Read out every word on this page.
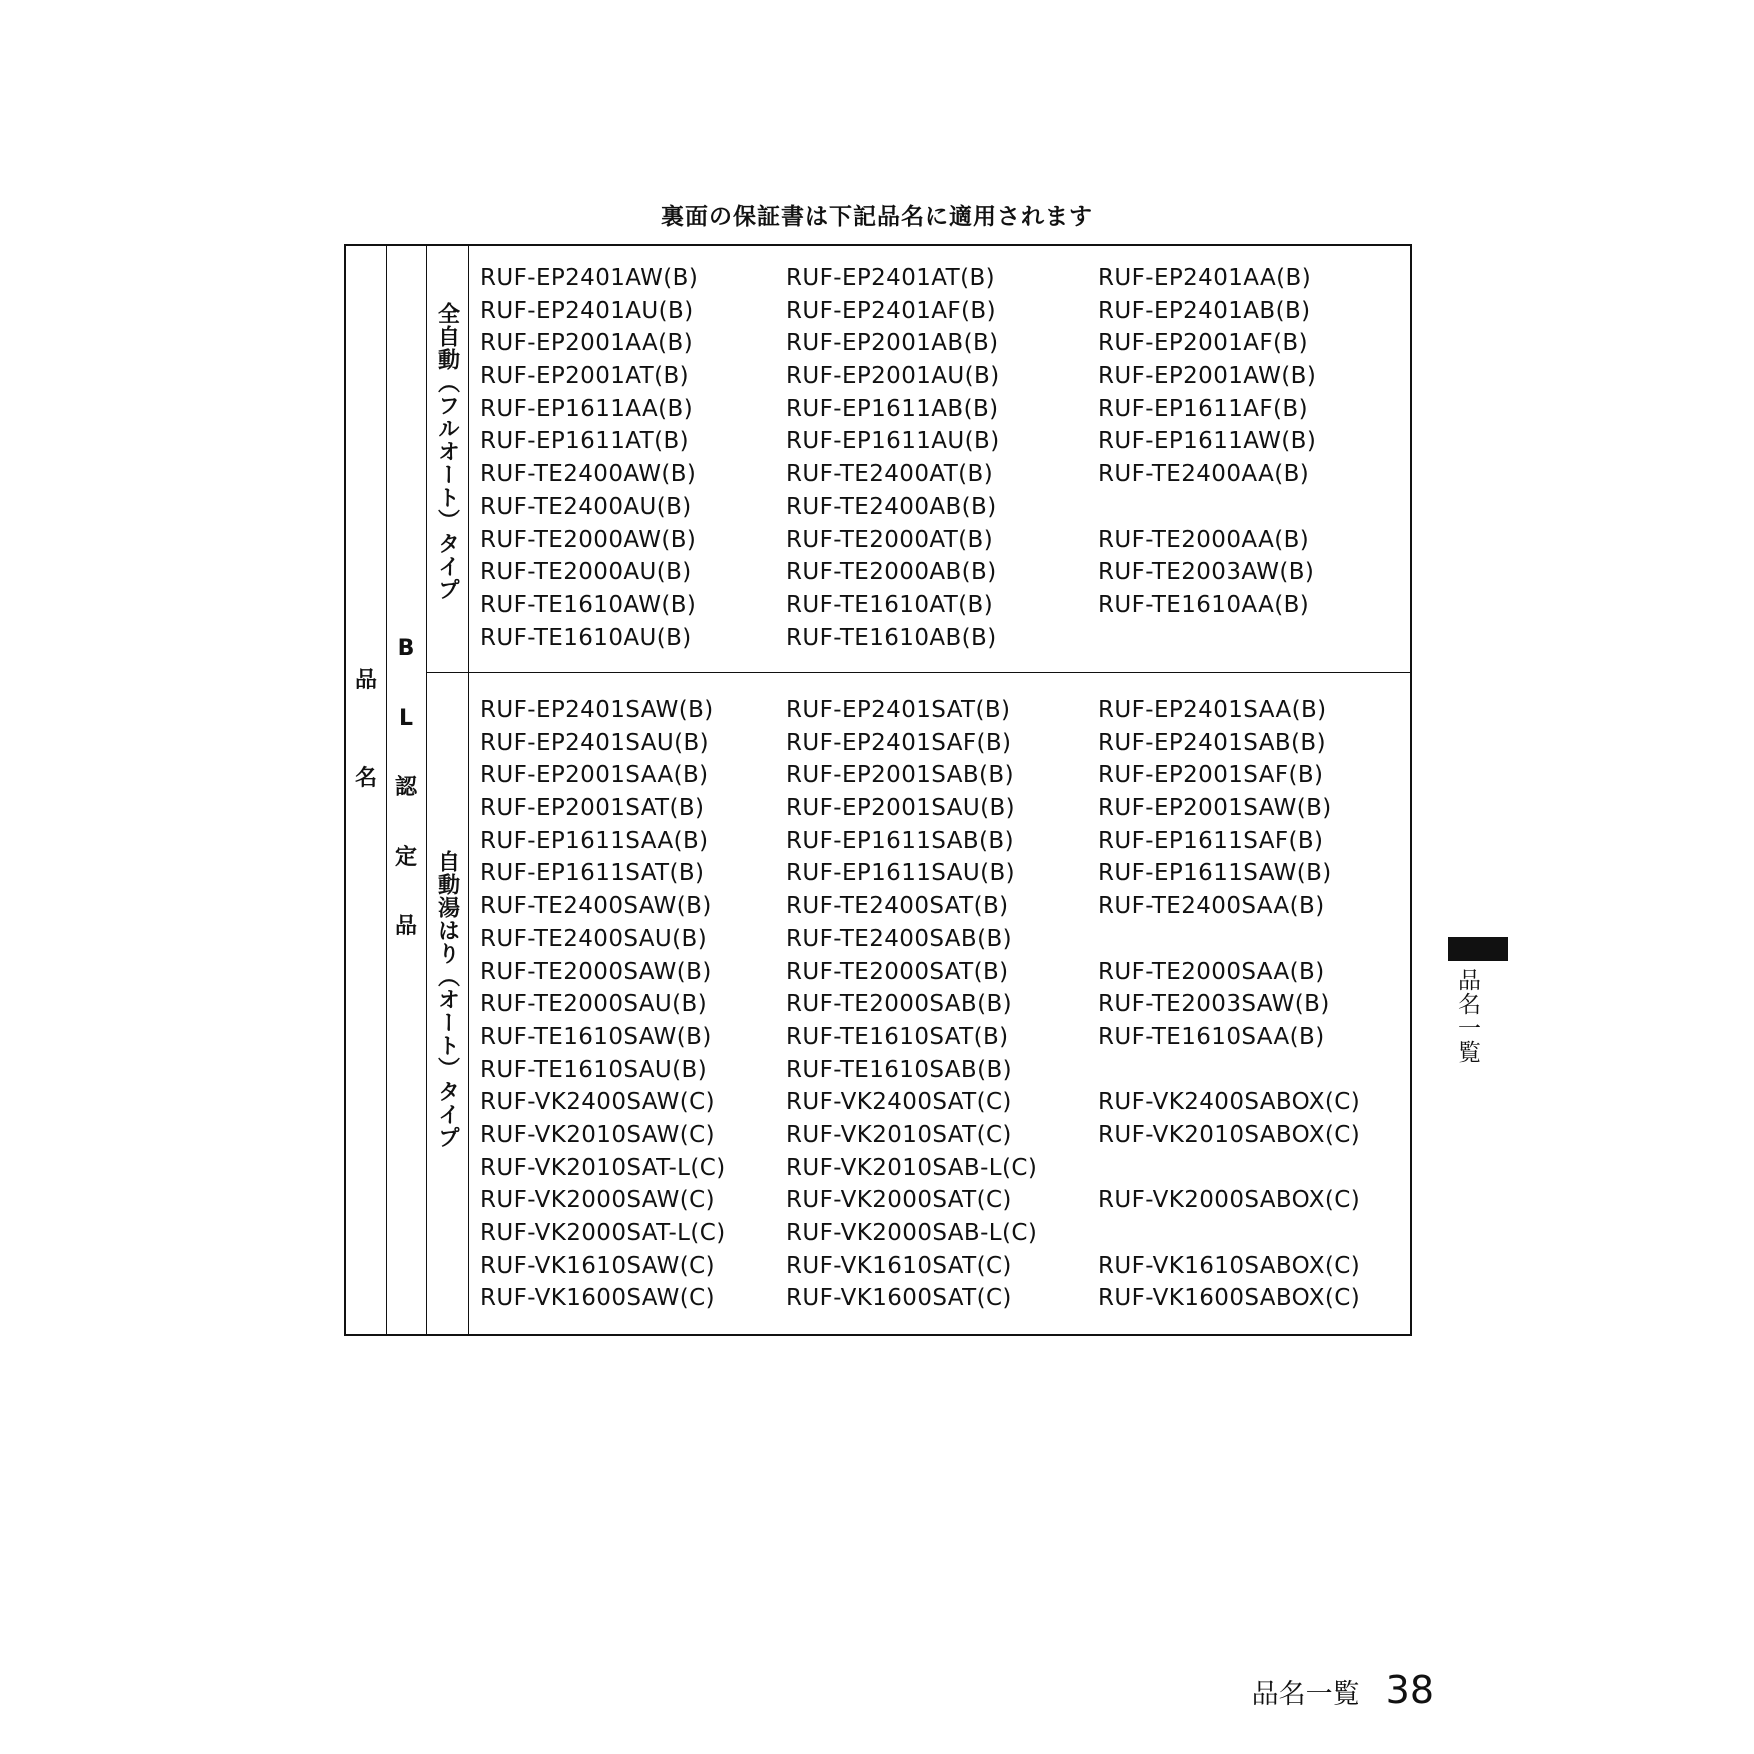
裏面の保証書は下記品名に適用されます
品
名
B
L
認
定
品
全自動（フルオート）タイプ
自動湯はり（オート）タイプ
RUF-EP2401AW(B)	RUF-EP2401AT(B)	RUF-EP2401AA(B)
RUF-EP2401AU(B)	RUF-EP2401AF(B)	RUF-EP2401AB(B)
RUF-EP2001AA(B)	RUF-EP2001AB(B)	RUF-EP2001AF(B)
RUF-EP2001AT(B)	RUF-EP2001AU(B)	RUF-EP2001AW(B)
RUF-EP1611AA(B)	RUF-EP1611AB(B)	RUF-EP1611AF(B)
RUF-EP1611AT(B)	RUF-EP1611AU(B)	RUF-EP1611AW(B)
RUF-TE2400AW(B)	RUF-TE2400AT(B)	RUF-TE2400AA(B)
RUF-TE2400AU(B)	RUF-TE2400AB(B)
RUF-TE2000AW(B)	RUF-TE2000AT(B)	RUF-TE2000AA(B)
RUF-TE2000AU(B)	RUF-TE2000AB(B)	RUF-TE2003AW(B)
RUF-TE1610AW(B)	RUF-TE1610AT(B)	RUF-TE1610AA(B)
RUF-TE1610AU(B)	RUF-TE1610AB(B)
RUF-EP2401SAW(B)	RUF-EP2401SAT(B)	RUF-EP2401SAA(B)
RUF-EP2401SAU(B)	RUF-EP2401SAF(B)	RUF-EP2401SAB(B)
RUF-EP2001SAA(B)	RUF-EP2001SAB(B)	RUF-EP2001SAF(B)
RUF-EP2001SAT(B)	RUF-EP2001SAU(B)	RUF-EP2001SAW(B)
RUF-EP1611SAA(B)	RUF-EP1611SAB(B)	RUF-EP1611SAF(B)
RUF-EP1611SAT(B)	RUF-EP1611SAU(B)	RUF-EP1611SAW(B)
RUF-TE2400SAW(B)	RUF-TE2400SAT(B)	RUF-TE2400SAA(B)
RUF-TE2400SAU(B)	RUF-TE2400SAB(B)
RUF-TE2000SAW(B)	RUF-TE2000SAT(B)	RUF-TE2000SAA(B)
RUF-TE2000SAU(B)	RUF-TE2000SAB(B)	RUF-TE2003SAW(B)
RUF-TE1610SAW(B)	RUF-TE1610SAT(B)	RUF-TE1610SAA(B)
RUF-TE1610SAU(B)	RUF-TE1610SAB(B)
RUF-VK2400SAW(C)	RUF-VK2400SAT(C)	RUF-VK2400SABOX(C)
RUF-VK2010SAW(C)	RUF-VK2010SAT(C)	RUF-VK2010SABOX(C)
RUF-VK2010SAT-L(C)	RUF-VK2010SAB-L(C)
RUF-VK2000SAW(C)	RUF-VK2000SAT(C)	RUF-VK2000SABOX(C)
RUF-VK2000SAT-L(C)	RUF-VK2000SAB-L(C)
RUF-VK1610SAW(C)	RUF-VK1610SAT(C)	RUF-VK1610SABOX(C)
RUF-VK1600SAW(C)	RUF-VK1600SAT(C)	RUF-VK1600SABOX(C)
品名一覧
品名一覧 38
